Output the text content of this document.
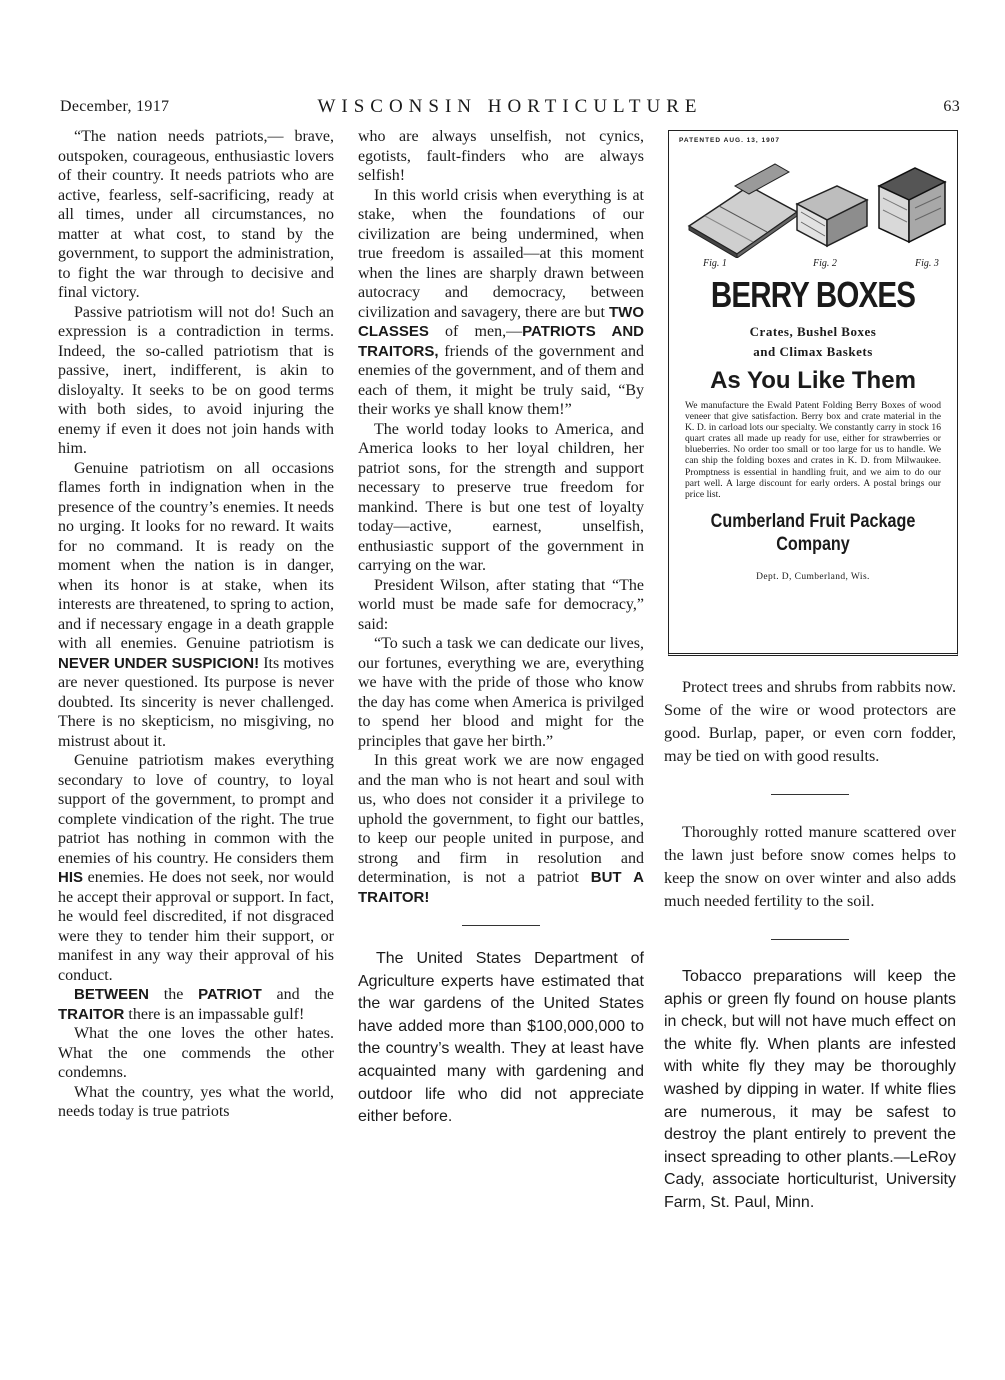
December, 1917	WISCONSIN HORTICULTURE	63

“The nation needs patriots,— brave, outspoken, courageous, enthusiastic lovers of their country. It needs patriots who are active, fearless, self-sacrificing, ready at all times, under all circumstances, no matter at what cost, to stand by the government, to support the administration, to fight the war through to decisive and final victory.

Passive patriotism will not do! Such an expression is a contradiction in terms. Indeed, the so-called patriotism that is passive, inert, indifferent, is akin to disloyalty. It seeks to be on good terms with both sides, to avoid injuring the enemy if even it does not join hands with him.

Genuine patriotism on all occasions flames forth in indignation when in the presence of the country’s enemies. It needs no urging. It looks for no reward. It waits for no command. It is ready on the moment when the nation is in danger, when its honor is at stake, when its interests are threatened, to spring to action, and if necessary engage in a death grapple with all enemies. Genuine patriotism is NEVER UNDER SUSPICION! Its motives are never questioned. Its purpose is never doubted. Its sincerity is never challenged. There is no skepticism, no misgiving, no mistrust about it.

Genuine patriotism makes everything secondary to love of country, to loyal support of the government, to prompt and complete vindication of the right. The true patriot has nothing in common with the enemies of his country. He considers them HIS enemies. He does not seek, nor would he accept their approval or support. In fact, he would feel discredited, if not disgraced were they to tender him their support, or manifest in any way their approval of his conduct.

BETWEEN the PATRIOT and the TRAITOR there is an impassable gulf!

What the one loves the other hates. What the one commends the other condemns.

What the country, yes what the world, needs today is true patriots

who are always unselfish, not cynics, egotists, fault-finders who are always selfish!

In this world crisis when everything is at stake, when the foundations of our civilization are being undermined, when true freedom is assailed—at this moment when the lines are sharply drawn between autocracy and democracy, between civilization and savagery, there are but TWO CLASSES of men,—PATRIOTS AND TRAITORS, friends of the government and enemies of the government, and of them and each of them, it might be truly said, “By their works ye shall know them!”

The world today looks to America, and America looks to her loyal children, her patriot sons, for the strength and support necessary to preserve true freedom for mankind. There is but one test of loyalty today—active, earnest, unselfish, enthusiastic support of the government in carrying on the war.

President Wilson, after stating that “The world must be made safe for democracy,” said:

“To such a task we can dedicate our lives, our fortunes, everything we are, everything we have with the pride of those who know the day has come when America is privilged to spend her blood and might for the principles that gave her birth.”

In this great work we are now engaged and the man who is not heart and soul with us, who does not consider it a privilege to uphold the government, to fight our battles, to keep our people united in purpose, and strong and firm in resolution and determination, is not a patriot BUT A TRAITOR!

The United States Department of Agriculture experts have estimated that the war gardens of the United States have added more than $100,000,000 to the country’s wealth. They at least have acquainted many with gardening and outdoor life who did not appreciate either before.

PATENTED AUG. 13, 1907
Fig. 1	Fig. 2	Fig. 3
BERRY BOXES
Crates, Bushel Boxes
and Climax Baskets
As You Like Them
We manufacture the Ewald Patent Folding Berry Boxes of wood veneer that give satisfaction. Berry box and crate material in the K. D. in carload lots our specialty. We constantly carry in stock 16 quart crates all made up ready for use, either for strawberries or blueberries. No order too small or too large for us to handle. We can ship the folding boxes and crates in K. D. from Milwaukee. Promptness is essential in handling fruit, and we aim to do our part well. A large discount for early orders. A postal brings our price list.
Cumberland Fruit Package Company
Dept. D, Cumberland, Wis.

Protect trees and shrubs from rabbits now. Some of the wire or wood protectors are good. Burlap, paper, or even corn fodder, may be tied on with good results.

Thoroughly rotted manure scattered over the lawn just before snow comes helps to keep the snow on over winter and also adds much needed fertility to the soil.

Tobacco preparations will keep the aphis or green fly found on house plants in check, but will not have much effect on the white fly. When plants are infested with white fly they may be thoroughly washed by dipping in water. If white flies are numerous, it may be safest to destroy the plant entirely to prevent the insect spreading to other plants.—LeRoy Cady, associate horticulturist, University Farm, St. Paul, Minn.
